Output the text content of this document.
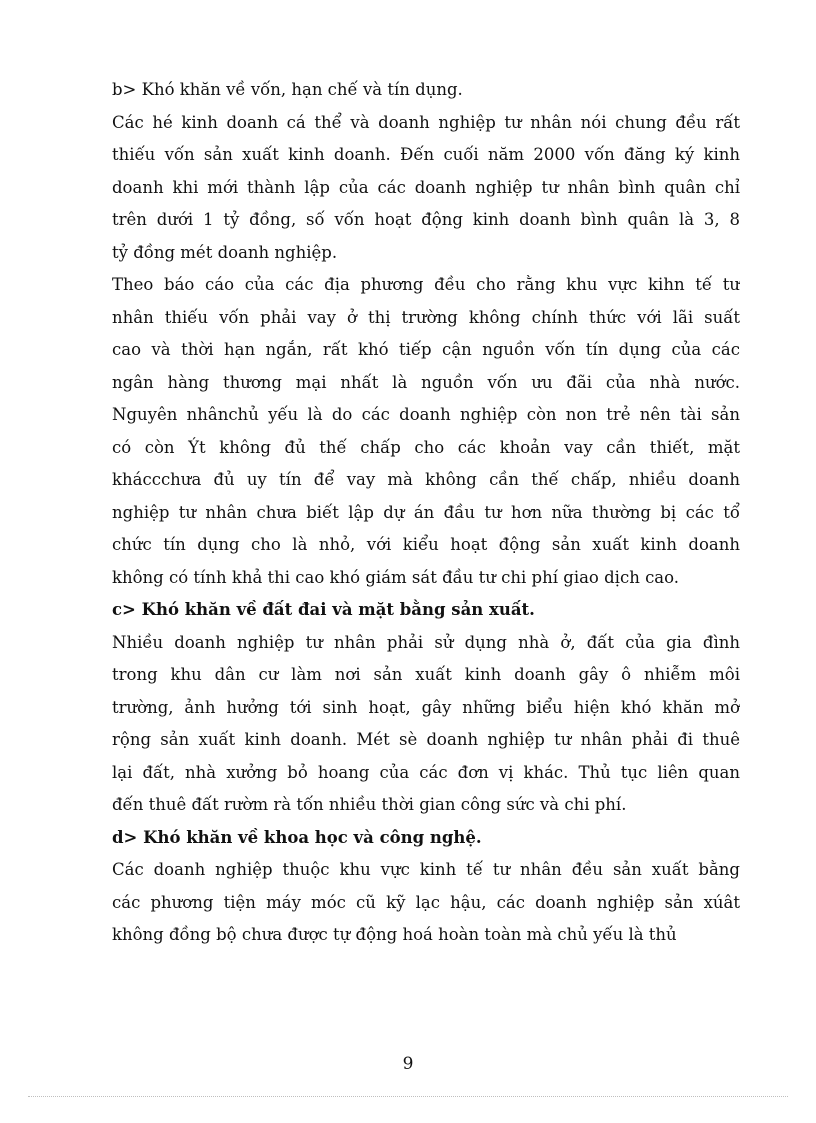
b> Khó khăn về vốn, hạn chế và tín dụng.
Các hé kinh doanh cá thể và doanh nghiệp tư nhân nói chung đều rất
thiếu vốn sản xuất kinh doanh. Đến cuối năm 2000 vốn đăng ký kinh
doanh khi mới thành lập của các doanh nghiệp tư nhân bình quân chỉ
trên dưới 1 tỷ đồng, số vốn hoạt động kinh doanh bình quân là 3, 8
tỷ đồng mét doanh nghiệp.
Theo báo cáo của các địa phương đều cho rằng khu vực kihn tế tư
nhân thiếu vốn phải vay ở thị trường không chính thức với lãi suất
cao và thời hạn ngắn, rất khó tiếp cận nguồn vốn tín dụng của các
ngân hàng thương mại nhất là nguồn vốn ưu đãi của nhà nước.
Nguyên nhânchủ yếu là do các doanh nghiệp còn non trẻ nên tài sản
có còn Ýt không đủ thế chấp cho các khoản vay cần thiết, mặt
kháccchưa đủ uy tín để vay mà không cần thế chấp, nhiều doanh
nghiệp tư nhân chưa biết lập dự án đầu tư hơn nữa thường bị các tổ
chức tín dụng cho là nhỏ, với kiểu hoạt động sản xuất kinh doanh
không có tính khả thi cao khó giám sát đầu tư chi phí giao dịch cao.
c> Khó khăn về đất đai và mặt bằng sản xuất.
Nhiều doanh nghiệp tư nhân phải sử dụng nhà ở, đất của gia đình
trong khu dân cư làm nơi sản xuất kinh doanh gây ô nhiễm môi
trường, ảnh hưởng tới sinh hoạt, gây những biểu hiện khó khăn mở
rộng sản xuất kinh doanh. Mét sè doanh nghiệp tư nhân phải đi thuê
lại đất, nhà xưởng bỏ hoang của các đơn vị khác. Thủ tục liên quan
đến thuê đất rườm rà tốn nhiều thời gian công sức và chi phí.
d> Khó khăn về khoa học và công nghệ.
Các doanh nghiệp thuộc khu vực kinh tế tư nhân đều sản xuất bằng
các phương tiện máy móc cũ kỹ lạc hậu, các doanh nghiệp sản xúât
không đồng bộ chưa được tự động hoá hoàn toàn mà chủ yếu là thủ
9
